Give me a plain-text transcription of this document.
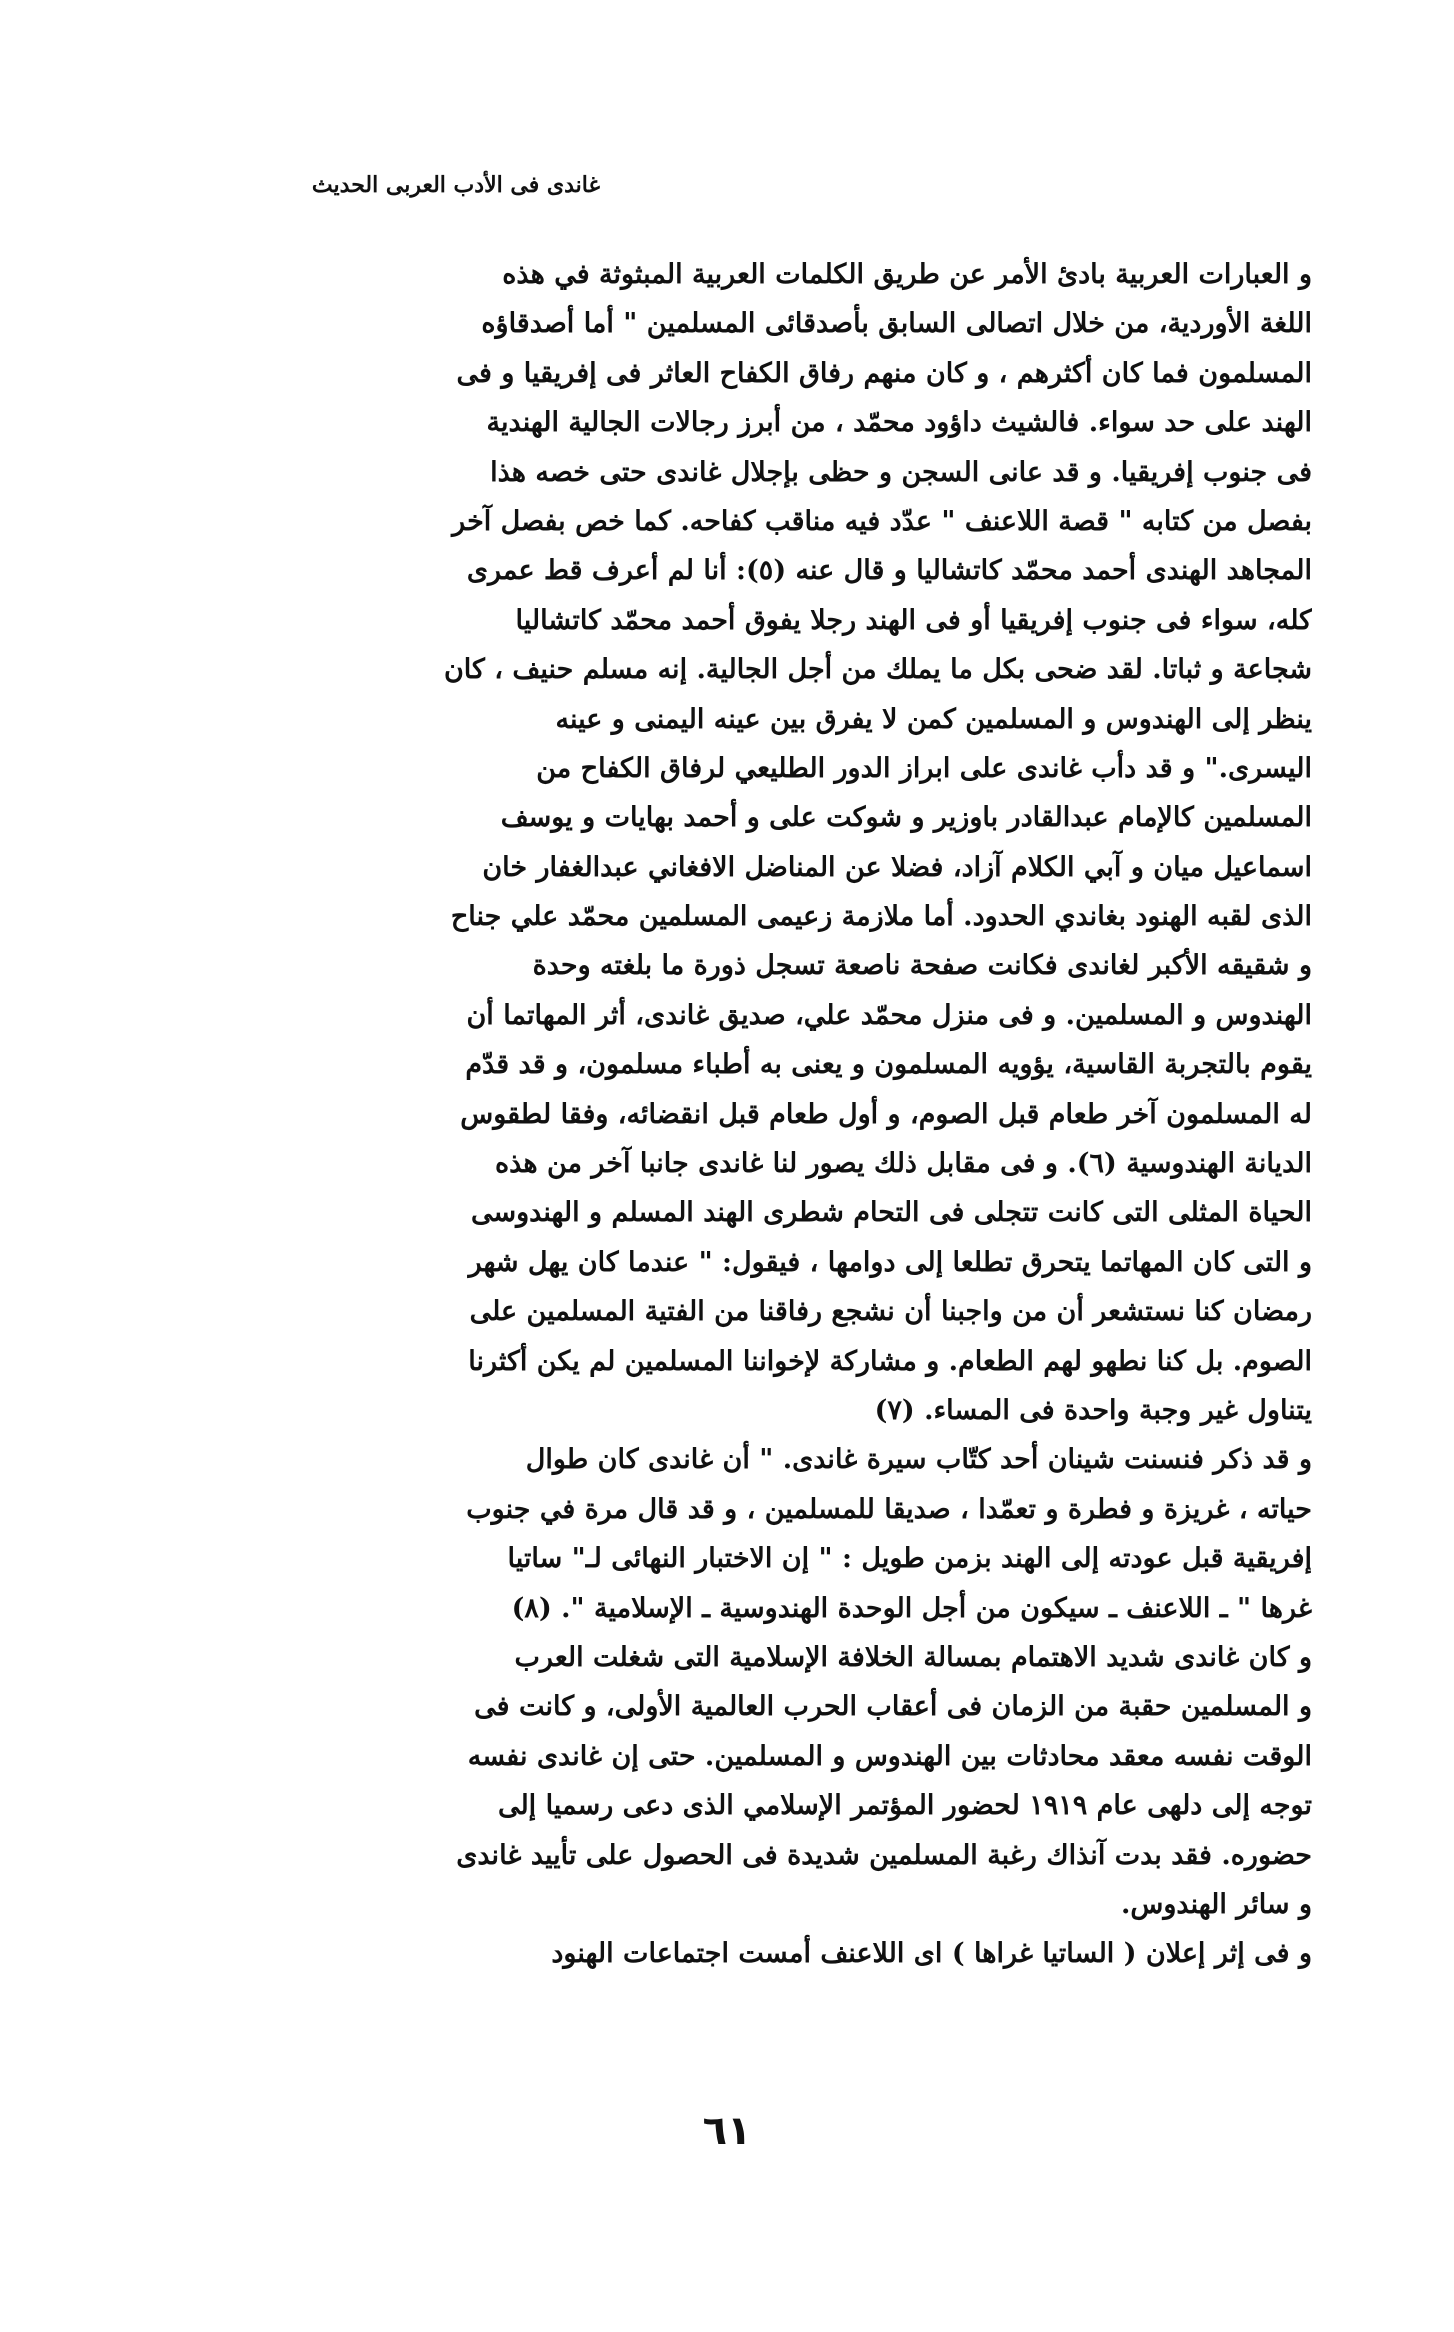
غاندى فى الأدب العربى الحديث
و العبارات العربية بادئ الأمر عن طريق الكلمات العربية المبثوثة في هذه
اللغة الأوردية، من خلال اتصالى السابق بأصدقائى المسلمين " أما أصدقاؤه
المسلمون فما كان أكثرهم ، و كان منهم رفاق الكفاح العاثر فى إفريقيا و فى
الهند على حد سواء. فالشيث داؤود محمّد ، من أبرز رجالات الجالية الهندية
فى جنوب إفريقيا. و قد عانى السجن و حظى بإجلال غاندى حتى خصه هذا
بفصل من كتابه " قصة اللاعنف " عدّد فيه مناقب كفاحه. كما خص بفصل آخر
المجاهد الهندى أحمد محمّد كاتشاليا و قال عنه (٥): أنا لم أعرف قط عمرى
كله، سواء فى جنوب إفريقيا أو فى الهند رجلا يفوق أحمد محمّد كاتشاليا
شجاعة و ثباتا. لقد ضحى بكل ما يملك من أجل الجالية. إنه مسلم حنيف ، كان
ينظر إلى الهندوس و المسلمين كمن لا يفرق بين عينه اليمنى و عينه
اليسرى." و قد دأب غاندى على ابراز الدور الطليعي لرفاق الكفاح من
المسلمين كالإمام عبدالقادر باوزير و شوكت على و أحمد بهايات و يوسف
اسماعيل ميان و آبي الكلام آزاد، فضلا عن المناضل الافغاني عبدالغفار خان
الذى لقبه الهنود بغاندي الحدود. أما ملازمة زعيمى المسلمين محمّد علي جناح
و شقيقه الأكبر لغاندى فكانت صفحة ناصعة تسجل ذورة ما بلغته وحدة
الهندوس و المسلمين. و فى منزل محمّد علي، صديق غاندى، أثر المهاتما أن
يقوم بالتجربة القاسية، يؤويه المسلمون و يعنى به أطباء مسلمون، و قد قدّم
له المسلمون آخر طعام قبل الصوم، و أول طعام قبل انقضائه، وفقا لطقوس
الديانة الهندوسية (٦). و فى مقابل ذلك يصور لنا غاندى جانبا آخر من هذه
الحياة المثلى التى كانت تتجلى فى التحام شطرى الهند المسلم و الهندوسى
و التى كان المهاتما يتحرق تطلعا إلى دوامها ، فيقول: " عندما كان يهل شهر
رمضان كنا نستشعر أن من واجبنا أن نشجع رفاقنا من الفتية المسلمين على
الصوم. بل كنا نطهو لهم الطعام. و مشاركة لإخواننا المسلمين لم يكن أكثرنا
يتناول غير وجبة واحدة فى المساء. (٧)
و قد ذكر فنسنت شينان أحد كتّاب سيرة غاندى. " أن غاندى كان طوال
حياته ، غريزة و فطرة و تعمّدا ، صديقا للمسلمين ، و قد قال مرة في جنوب
إفريقية قبل عودته إلى الهند بزمن طويل : " إن الاختبار النهائى لـ" ساتيا
غرها " ـ اللاعنف ـ سيكون من أجل الوحدة الهندوسية ـ الإسلامية ". (٨)
و كان غاندى شديد الاهتمام بمسالة الخلافة الإسلامية التى شغلت العرب
و المسلمين حقبة من الزمان فى أعقاب الحرب العالمية الأولى، و كانت فى
الوقت نفسه معقد محادثات بين الهندوس و المسلمين. حتى إن غاندى نفسه
توجه إلى دلهى عام ١٩١٩ لحضور المؤتمر الإسلامي الذى دعى رسميا إلى
حضوره. فقد بدت آنذاك رغبة المسلمين شديدة فى الحصول على تأييد غاندى
و سائر الهندوس.
و فى إثر إعلان ( الساتيا غراها ) اى اللاعنف أمست اجتماعات الهنود
٦١
